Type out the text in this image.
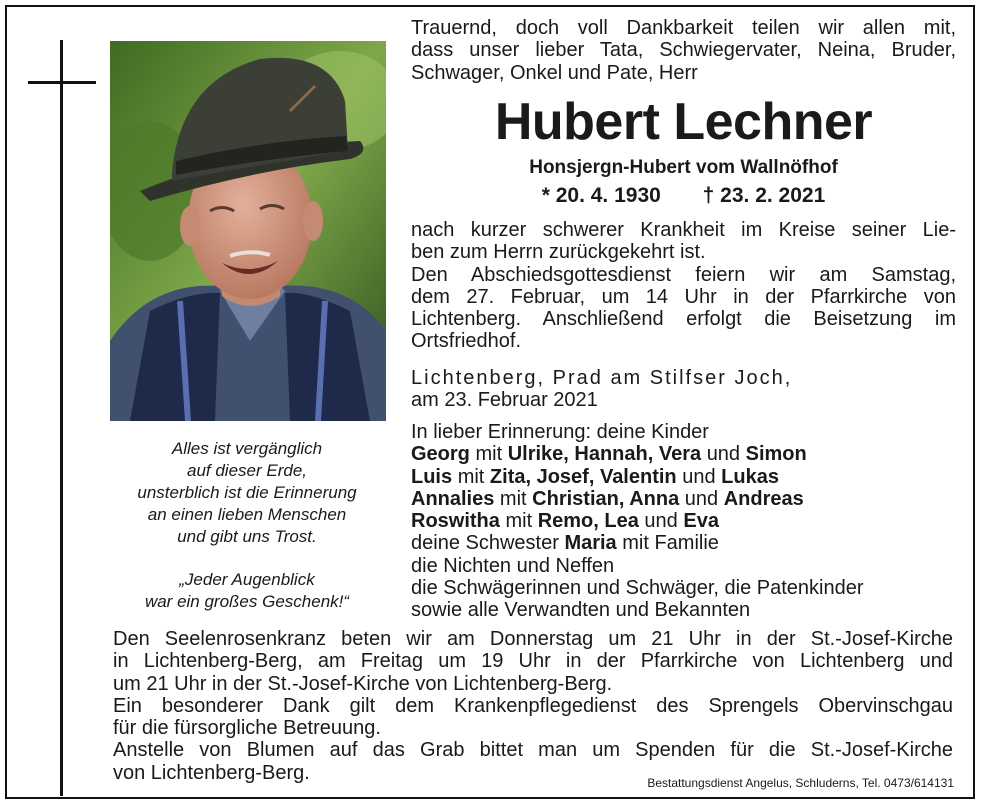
Alles ist vergänglich
auf dieser Erde,
unsterblich ist die Erinnerung
an einen lieben Menschen
und gibt uns Trost.
„Jeder Augenblick
war ein großes Geschenk!“
Trauernd, doch voll Dankbarkeit teilen wir allen mit,
dass unser lieber Tata, Schwiegervater, Neina, Bruder,
Schwager, Onkel und Pate, Herr
Hubert Lechner
Honsjergn-Hubert vom Wallnöfhof
* 20. 4. 1930 † 23. 2. 2021
nach kurzer schwerer Krankheit im Kreise seiner Lie-
ben zum Herrn zurückgekehrt ist.
Den Abschiedsgottesdienst feiern wir am Samstag,
dem 27. Februar, um 14 Uhr in der Pfarrkirche von
Lichtenberg. Anschließend erfolgt die Beisetzung im
Ortsfriedhof.
Lichtenberg, Prad am Stilfser Joch,
am 23. Februar 2021
In lieber Erinnerung: deine Kinder
Georg mit Ulrike, Hannah, Vera und Simon
Luis mit Zita, Josef, Valentin und Lukas
Annalies mit Christian, Anna und Andreas
Roswitha mit Remo, Lea und Eva
deine Schwester Maria mit Familie
die Nichten und Neffen
die Schwägerinnen und Schwäger, die Patenkinder
sowie alle Verwandten und Bekannten
Den Seelenrosenkranz beten wir am Donnerstag um 21 Uhr in der St.-Josef-Kirche
in Lichtenberg-Berg, am Freitag um 19 Uhr in der Pfarrkirche von Lichtenberg und
um 21 Uhr in der St.-Josef-Kirche von Lichtenberg-Berg.
Ein besonderer Dank gilt dem Krankenpflegedienst des Sprengels Obervinschgau
für die fürsorgliche Betreuung.
Anstelle von Blumen auf das Grab bittet man um Spenden für die St.-Josef-Kirche
von Lichtenberg-Berg.	Bestattungsdienst Angelus, Schluderns, Tel. 0473/614131
